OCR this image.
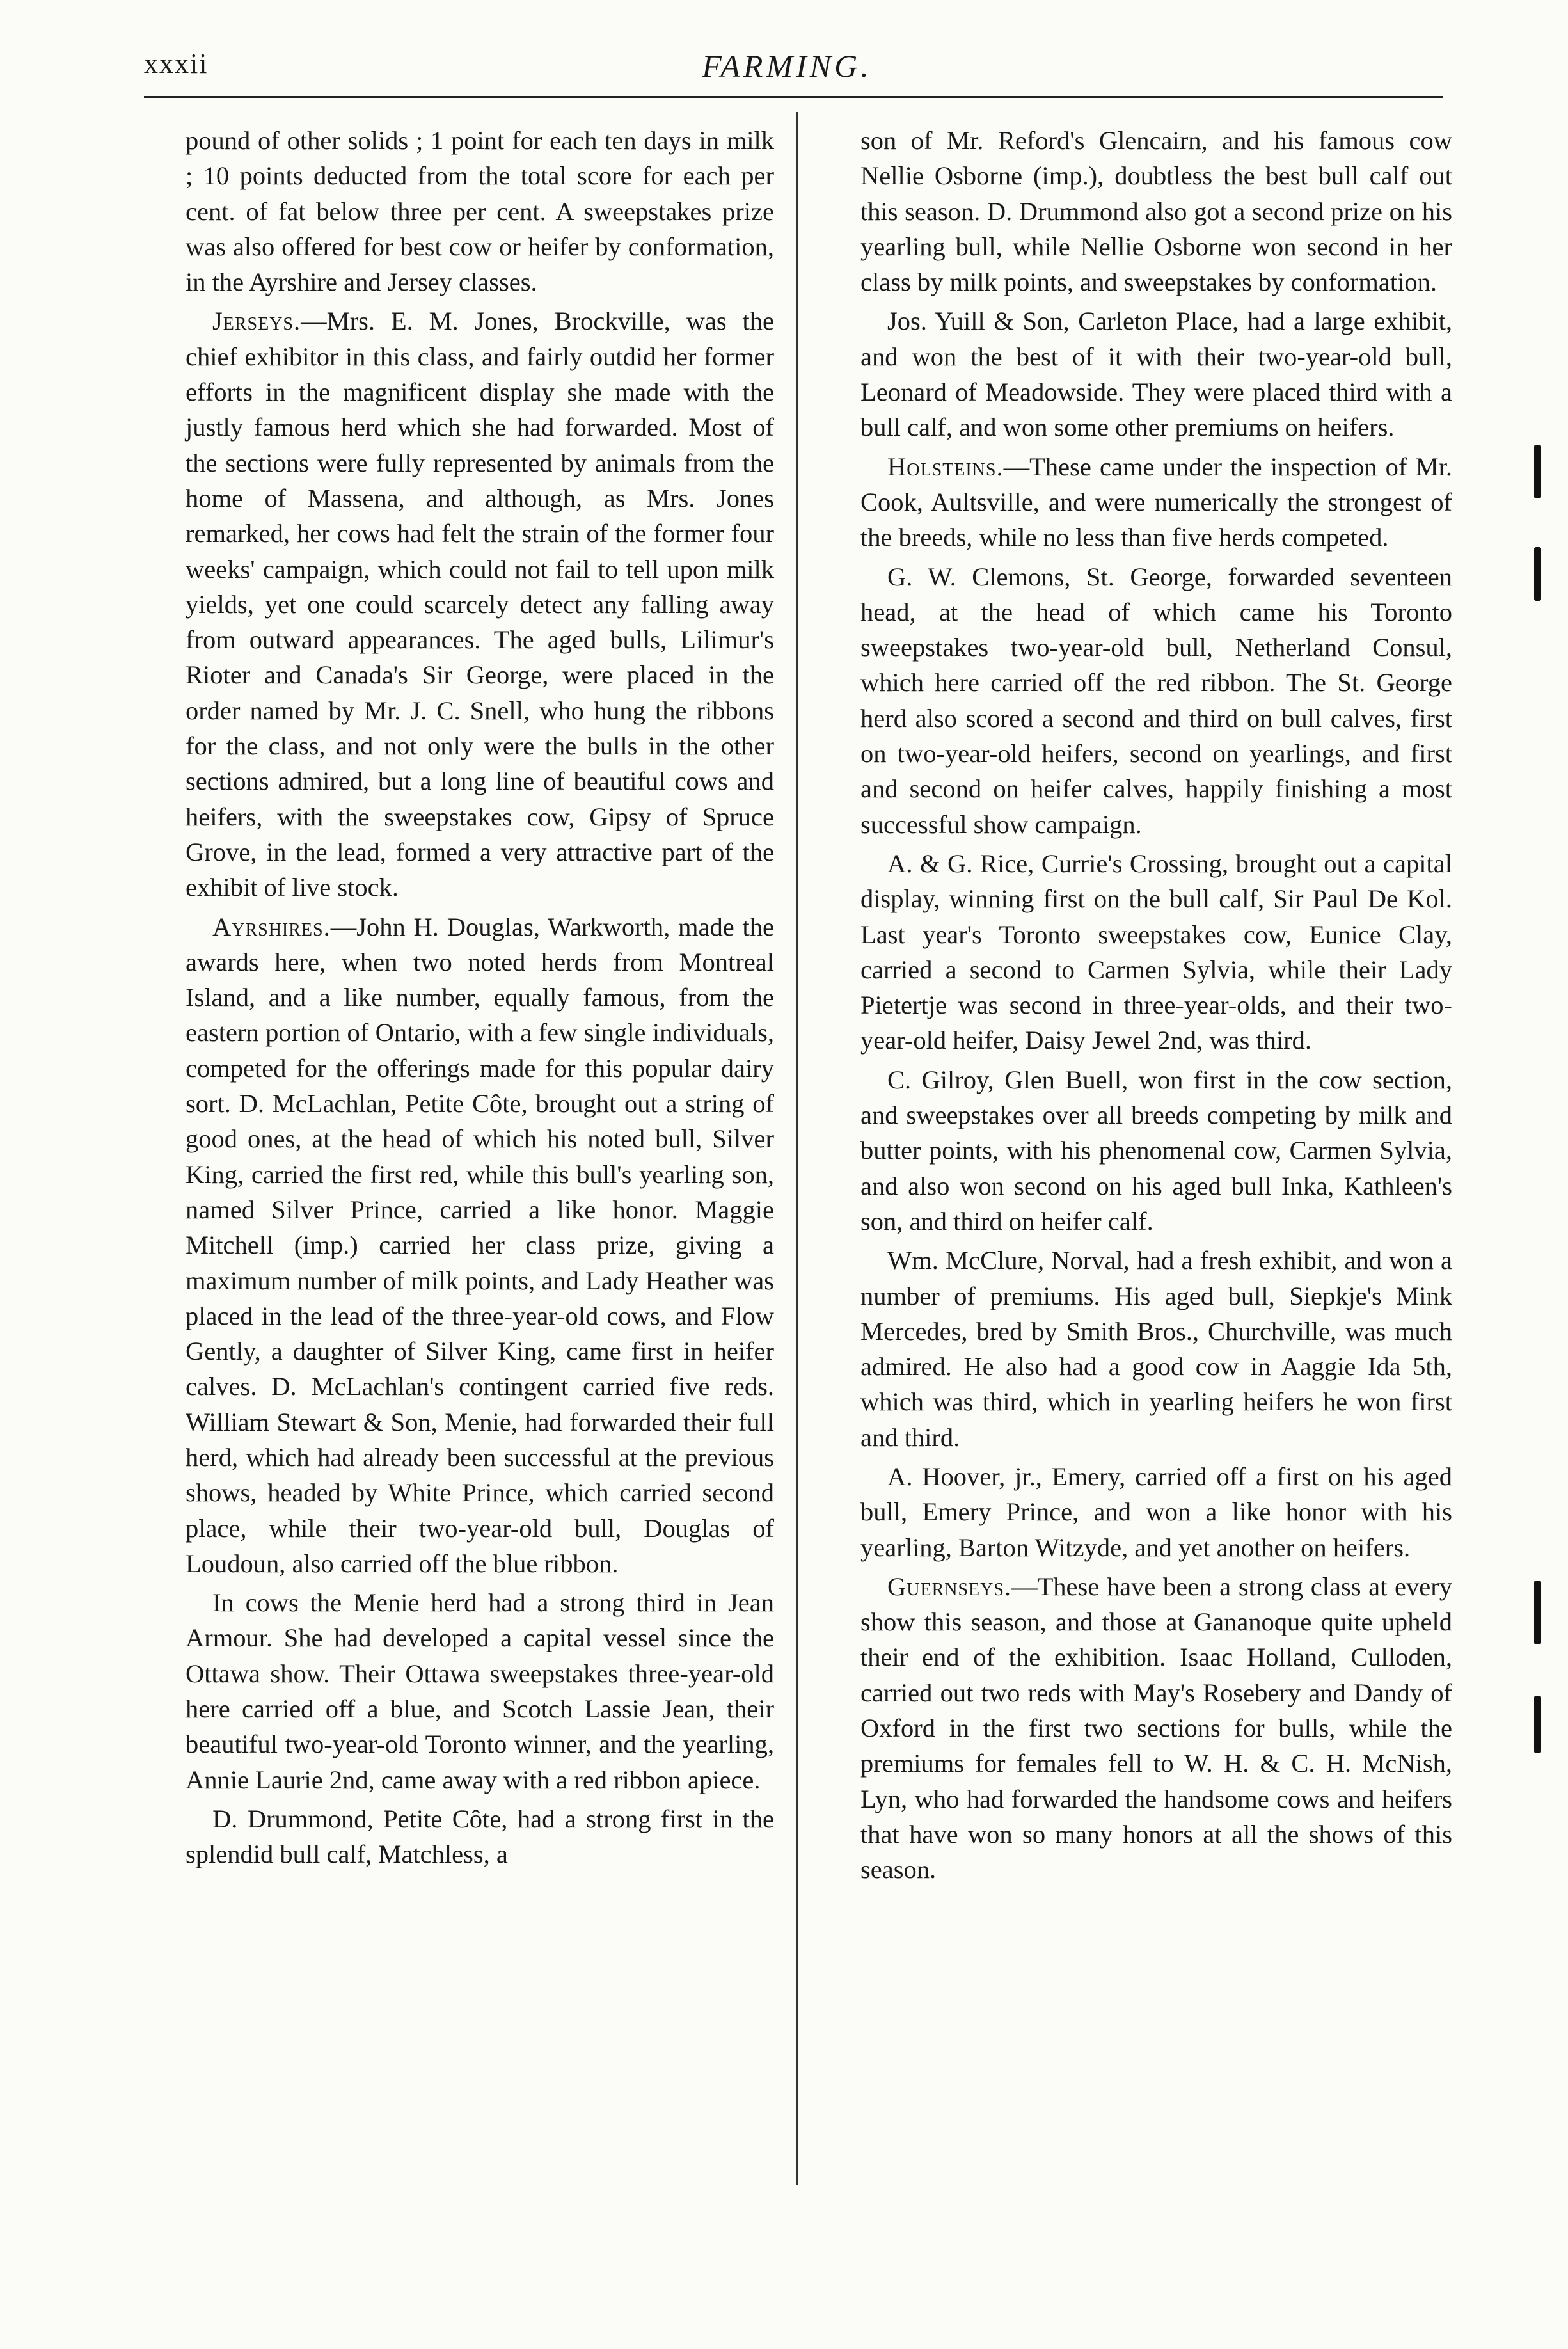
xxxii	FARMING.

pound of other solids ; 1 point for each ten days in milk ; 10 points deducted from the total score for each per cent. of fat below three per cent. A sweepstakes prize was also offered for best cow or heifer by conformation, in the Ayrshire and Jersey classes.

Jerseys.—Mrs. E. M. Jones, Brockville, was the chief exhibitor in this class, and fairly outdid her former efforts in the magnificent display she made with the justly famous herd which she had forwarded. Most of the sections were fully represented by animals from the home of Massena, and although, as Mrs. Jones remarked, her cows had felt the strain of the former four weeks' campaign, which could not fail to tell upon milk yields, yet one could scarcely detect any falling away from outward appearances. The aged bulls, Lilimur's Rioter and Canada's Sir George, were placed in the order named by Mr. J. C. Snell, who hung the ribbons for the class, and not only were the bulls in the other sections admired, but a long line of beautiful cows and heifers, with the sweepstakes cow, Gipsy of Spruce Grove, in the lead, formed a very attractive part of the exhibit of live stock.

Ayrshires.—John H. Douglas, Warkworth, made the awards here, when two noted herds from Montreal Island, and a like number, equally famous, from the eastern portion of Ontario, with a few single individuals, competed for the offerings made for this popular dairy sort. D. McLachlan, Petite Côte, brought out a string of good ones, at the head of which his noted bull, Silver King, carried the first red, while this bull's yearling son, named Silver Prince, carried a like honor. Maggie Mitchell (imp.) carried her class prize, giving a maximum number of milk points, and Lady Heather was placed in the lead of the three-year-old cows, and Flow Gently, a daughter of Silver King, came first in heifer calves. D. McLachlan's contingent carried five reds. William Stewart & Son, Menie, had forwarded their full herd, which had already been successful at the previous shows, headed by White Prince, which carried second place, while their two-year-old bull, Douglas of Loudoun, also carried off the blue ribbon.

In cows the Menie herd had a strong third in Jean Armour. She had developed a capital vessel since the Ottawa show. Their Ottawa sweepstakes three-year-old here carried off a blue, and Scotch Lassie Jean, their beautiful two-year-old Toronto winner, and the yearling, Annie Laurie 2nd, came away with a red ribbon apiece.

D. Drummond, Petite Côte, had a strong first in the splendid bull calf, Matchless, a

son of Mr. Reford's Glencairn, and his famous cow Nellie Osborne (imp.), doubtless the best bull calf out this season. D. Drummond also got a second prize on his yearling bull, while Nellie Osborne won second in her class by milk points, and sweepstakes by conformation.

Jos. Yuill & Son, Carleton Place, had a large exhibit, and won the best of it with their two-year-old bull, Leonard of Meadowside. They were placed third with a bull calf, and won some other premiums on heifers.

Holsteins.—These came under the inspection of Mr. Cook, Aultsville, and were numerically the strongest of the breeds, while no less than five herds competed.

G. W. Clemons, St. George, forwarded seventeen head, at the head of which came his Toronto sweepstakes two-year-old bull, Netherland Consul, which here carried off the red ribbon. The St. George herd also scored a second and third on bull calves, first on two-year-old heifers, second on yearlings, and first and second on heifer calves, happily finishing a most successful show campaign.

A. & G. Rice, Currie's Crossing, brought out a capital display, winning first on the bull calf, Sir Paul De Kol. Last year's Toronto sweepstakes cow, Eunice Clay, carried a second to Carmen Sylvia, while their Lady Pietertje was second in three-year-olds, and their two-year-old heifer, Daisy Jewel 2nd, was third.

C. Gilroy, Glen Buell, won first in the cow section, and sweepstakes over all breeds competing by milk and butter points, with his phenomenal cow, Carmen Sylvia, and also won second on his aged bull Inka, Kathleen's son, and third on heifer calf.

Wm. McClure, Norval, had a fresh exhibit, and won a number of premiums. His aged bull, Siepkje's Mink Mercedes, bred by Smith Bros., Churchville, was much admired. He also had a good cow in Aaggie Ida 5th, which was third, which in yearling heifers he won first and third.

A. Hoover, jr., Emery, carried off a first on his aged bull, Emery Prince, and won a like honor with his yearling, Barton Witzyde, and yet another on heifers.

Guernseys.—These have been a strong class at every show this season, and those at Gananoque quite upheld their end of the exhibition. Isaac Holland, Culloden, carried out two reds with May's Rosebery and Dandy of Oxford in the first two sections for bulls, while the premiums for females fell to W. H. & C. H. McNish, Lyn, who had forwarded the handsome cows and heifers that have won so many honors at all the shows of this season.
